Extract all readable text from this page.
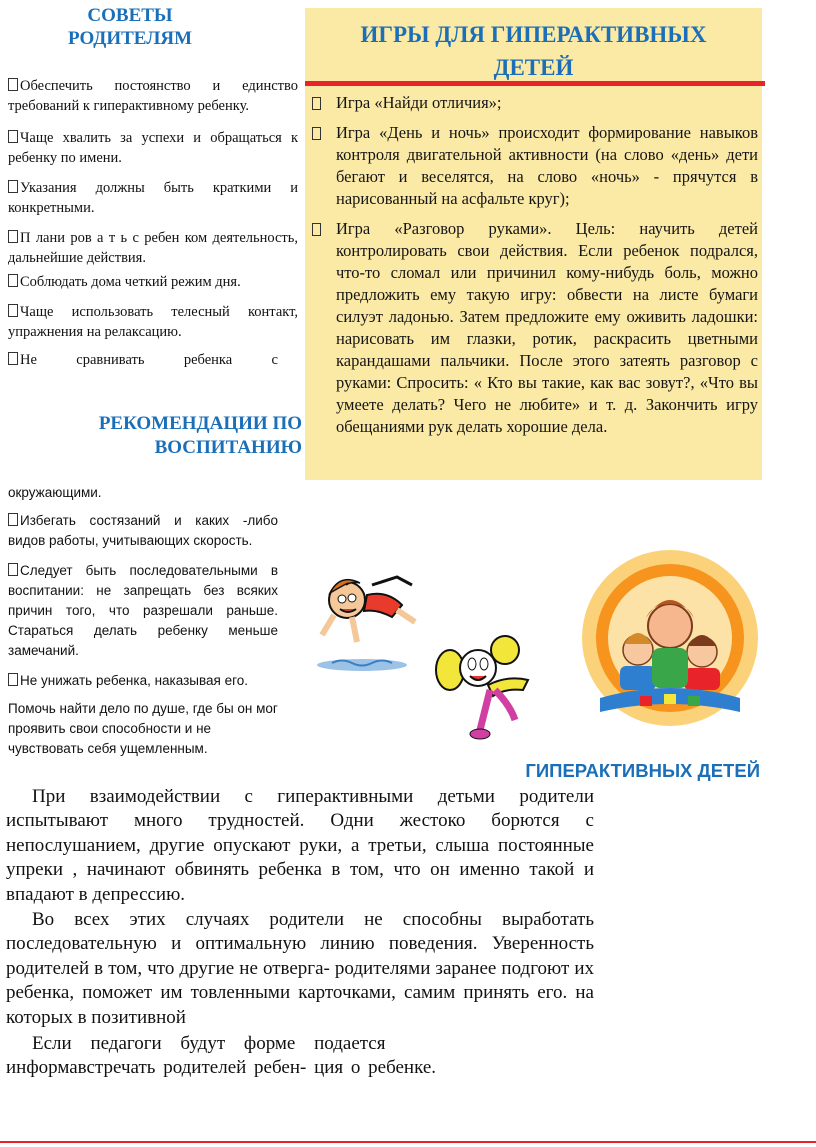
СОВЕТЫ
РОДИТЕЛЯМ

Обеспечить постоянство и единство требований к гиперактивному ребенку.

Чаще хвалить за успехи и обращаться к ребенку по имени.

Указания должны быть краткими и конкретными.

П лани ров а т ь с ребен ком деятельность, дальнейшие действия.

Соблюдать дома четкий режим дня.

Чаще использовать телесный контакт, упражнения на релаксацию.

Не сравнивать ребенка с

РЕКОМЕНДАЦИИ ПО
ВОСПИТАНИЮ

окружающими.

Избегать состязаний и каких -либо видов работы, учитывающих скорость.

Следует быть последовательными в воспитании: не запрещать без всяких причин того, что разрешали раньше. Стараться делать ребенку меньше замечаний.

Не унижать ребенка, наказывая его.

Помочь найти дело по душе, где бы он мог проявить свои способности и не чувствовать себя ущемленным.

ИГРЫ ДЛЯ ГИПЕРАКТИВНЫХ
ДЕТЕЙ
Игра «Найди отличия»;
Игра «День и ночь» происходит формирование навыков контроля двигательной активности (на слово «день» дети бегают и веселятся, на слово «ночь» - прячутся в нарисованный на асфальте круг);
Игра «Разговор руками». Цель: научить детей контролировать свои действия. Если ребенок подрался, что-то сломал или причинил кому-нибудь боль, можно предложить ему такую игру: обвести на листе бумаги силуэт ладонью. Затем предложите ему оживить ладошки: нарисовать им глазки, ротик, раскрасить цветными карандашами пальчики. После этого затеять разговор с руками: Спросить: « Кто вы такие, как вас зовут?, «Что вы умеете делать? Чего не любите» и т. д. Закончить игру обещаниями рук делать хорошие дела.
ГИПЕРАКТИВНЫХ ДЕТЕЙ

При взаимодействии с гиперактивными детьми родители испытывают много трудностей. Одни жестоко борются с непослушанием, другие опускают руки, а третьи, слыша постоянные упреки , начинают обвинять ребенка в том, что он именно такой и впадают в депрессию.

Во всех этих случаях родители не способны выработать последовательную и оптимальную линию поведения. Уверенность родителей в том, что другие не отверга- родителями заранее подгоют их ребенка, поможет им товленными карточками, самим принять его. на которых в позитивной

Если педагоги будут форме подается

информавстречать родителей ребен- ция о ребенке.
